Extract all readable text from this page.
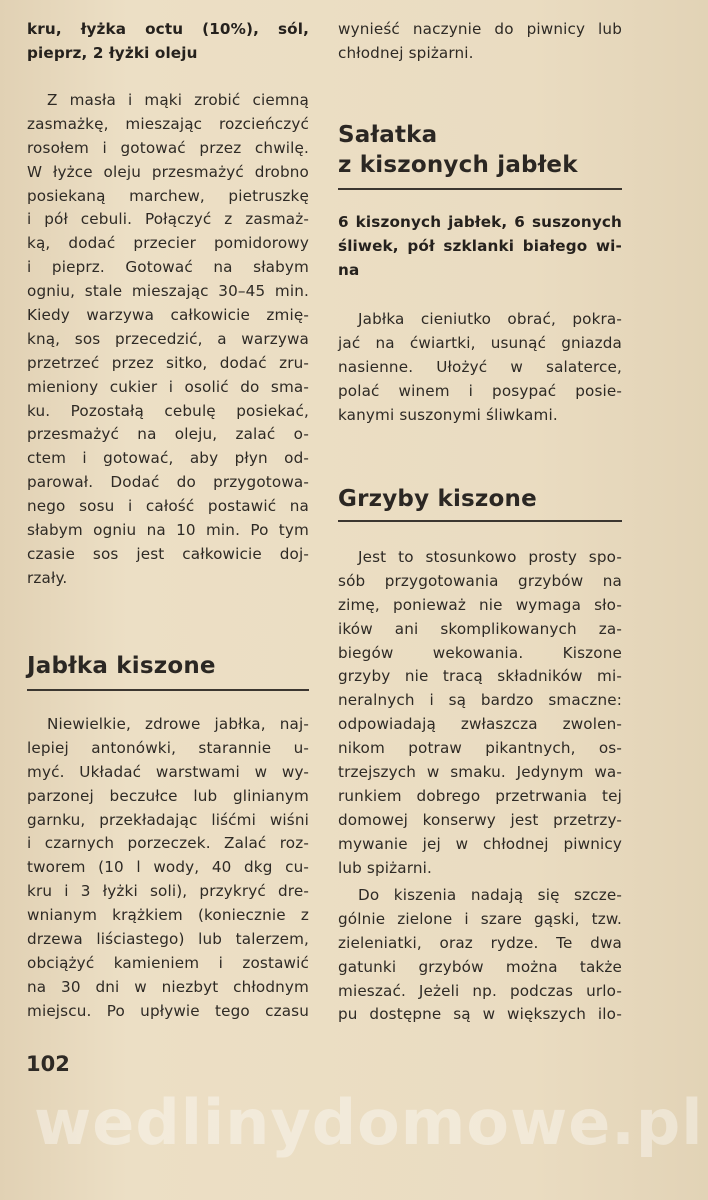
kru, łyżka octu (10%), sól,
pieprz, 2 łyżki oleju
Z masła i mąki zrobić ciemną
zasmażkę, mieszając rozcieńczyć
rosołem i gotować przez chwilę.
W łyżce oleju przesmażyć drobno
posiekaną marchew, pietruszkę
i pół cebuli. Połączyć z zasmaż-
ką, dodać przecier pomidorowy
i pieprz. Gotować na słabym
ogniu, stale mieszając 30–45 min.
Kiedy warzywa całkowicie zmię-
kną, sos przecedzić, a warzywa
przetrzeć przez sitko, dodać zru-
mieniony cukier i osolić do sma-
ku. Pozostałą cebulę posiekać,
przesmażyć na oleju, zalać o-
ctem i gotować, aby płyn od-
parował. Dodać do przygotowa-
nego sosu i całość postawić na
słabym ogniu na 10 min. Po tym
czasie sos jest całkowicie doj-
rzały.
Jabłka kiszone
Niewielkie, zdrowe jabłka, naj-
lepiej antonówki, starannie u-
myć. Układać warstwami w wy-
parzonej beczułce lub glinianym
garnku, przekładając liśćmi wiśni
i czarnych porzeczek. Zalać roz-
tworem (10 l wody, 40 dkg cu-
kru i 3 łyżki soli), przykryć dre-
wnianym krążkiem (koniecznie z
drzewa liściastego) lub talerzem,
obciążyć kamieniem i zostawić
na 30 dni w niezbyt chłodnym
miejscu. Po upływie tego czasu
102
wynieść naczynie do piwnicy lub
chłodnej spiżarni.
Sałatka
z kiszonych jabłek
6 kiszonych jabłek, 6 suszonych
śliwek, pół szklanki białego wi-
na
Jabłka cieniutko obrać, pokra-
jać na ćwiartki, usunąć gniazda
nasienne. Ułożyć w salaterce,
polać winem i posypać posie-
kanymi suszonymi śliwkami.
Grzyby kiszone
Jest to stosunkowo prosty spo-
sób przygotowania grzybów na
zimę, ponieważ nie wymaga sło-
ików ani skomplikowanych za-
biegów wekowania. Kiszone
grzyby nie tracą składników mi-
neralnych i są bardzo smaczne:
odpowiadają zwłaszcza zwolen-
nikom potraw pikantnych, os-
trzejszych w smaku. Jedynym wa-
runkiem dobrego przetrwania tej
domowej konserwy jest przetrzy-
mywanie jej w chłodnej piwnicy
lub spiżarni.
Do kiszenia nadają się szcze-
gólnie zielone i szare gąski, tzw.
zieleniatki, oraz rydze. Te dwa
gatunki grzybów można także
mieszać. Jeżeli np. podczas urlo-
pu dostępne są w większych ilo-
wedlinydomowe.pl
